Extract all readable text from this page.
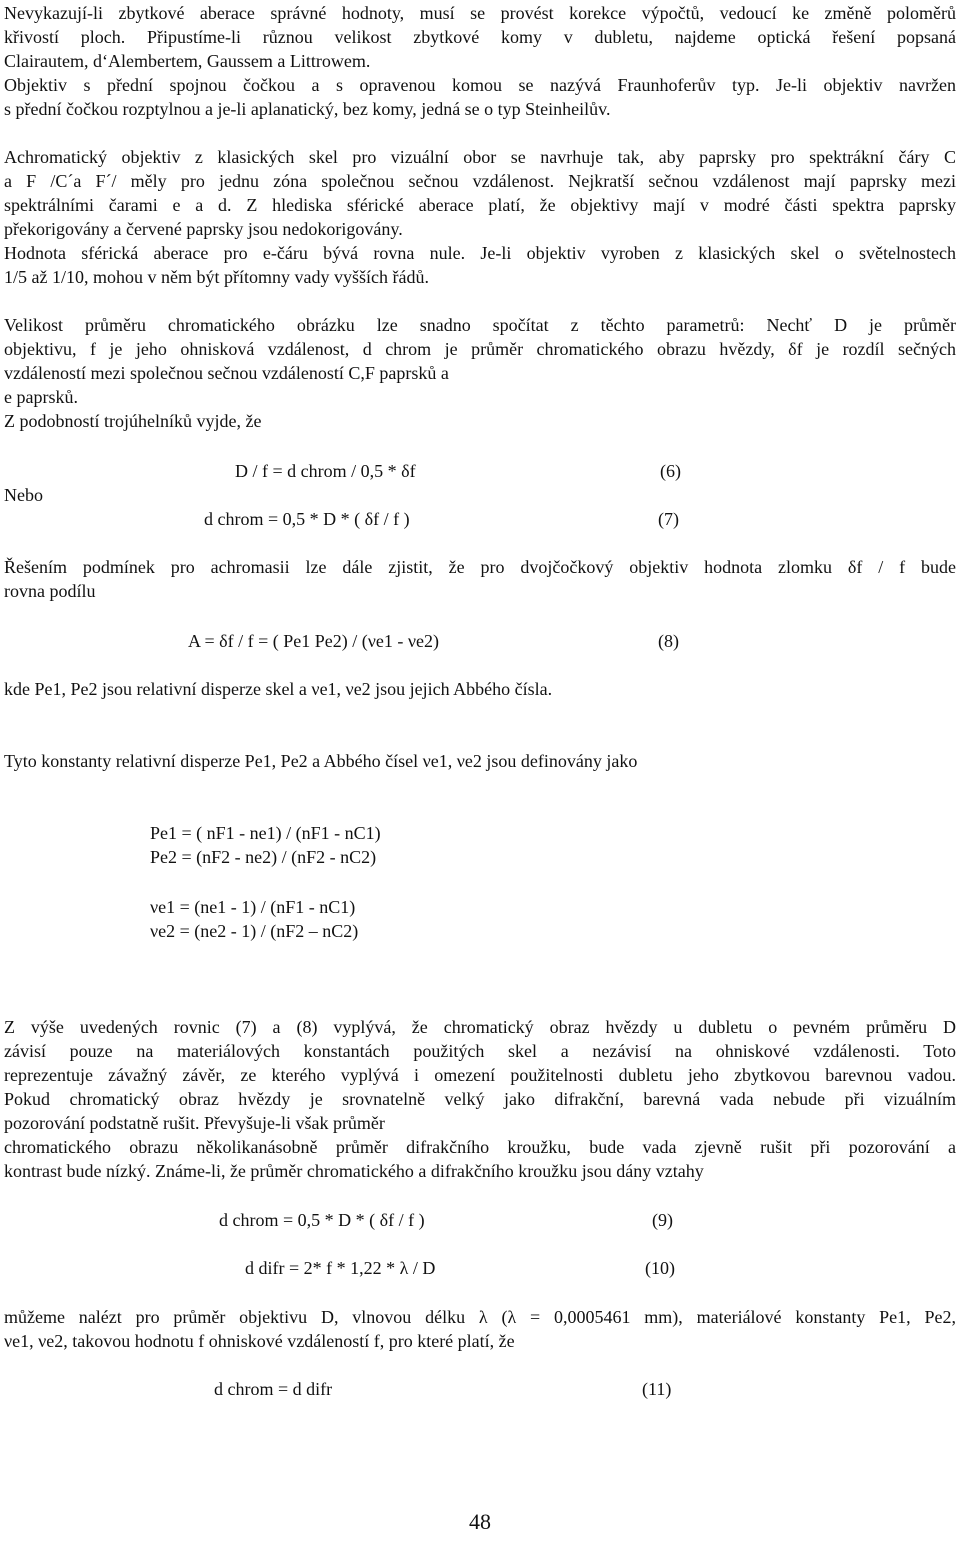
Nevykazují-li zbytkové aberace správné hodnoty, musí se provést korekce výpočtů, vedoucí ke změně poloměrů
křivostí ploch. Připustíme-li různou velikost zbytkové komy v dubletu, najdeme optická řešení popsaná
Clairautem, d‘Alembertem, Gaussem a Littrowem.
Objektiv s přední spojnou čočkou a s opravenou komou se nazývá Fraunhoferův typ. Je-li objektiv navržen
s přední čočkou rozptylnou a je-li aplanatický, bez komy, jedná se o typ Steinheilův.
Achromatický objektiv z klasických skel pro vizuální obor se navrhuje tak, aby paprsky pro spektrákní čáry C
a F /C´a F´/ měly pro jednu zóna společnou sečnou vzdálenost. Nejkratší sečnou vzdálenost mají paprsky mezi
spektrálními čarami e a d. Z hlediska sférické aberace platí, že objektivy mají v modré části spektra paprsky
překorigovány a červené paprsky jsou nedokorigovány.
Hodnota sférická aberace pro e-čáru bývá rovna nule. Je-li objektiv vyroben z klasických skel o světelnostech
1/5 až 1/10, mohou v něm být přítomny vady vyšších řádů.
Velikost průměru chromatického obrázku lze snadno spočítat z těchto parametrů: Nechť D je průměr
objektivu, f je jeho ohnisková vzdálenost, d chrom je průměr chromatického obrazu hvězdy, δf je rozdíl sečných
vzdáleností mezi společnou sečnou vzdáleností C,F paprsků a
e paprsků.
Z podobností trojúhelníků vyjde, že
D / f = d chrom / 0,5 * δf	(6)
Nebo
d chrom = 0,5 * D * ( δf / f )	(7)
Řešením podmínek pro achromasii lze dále zjistit, že pro dvojčočkový objektiv hodnota zlomku δf / f bude
rovna podílu
A = δf / f = ( Pe1 Pe2) / (νe1 - νe2)	(8)
kde Pe1, Pe2 jsou relativní disperze skel a νe1, νe2 jsou jejich Abbého čísla.
Tyto konstanty relativní disperze Pe1, Pe2 a Abbého čísel νe1, νe2 jsou definovány jako
Pe1 = ( nF1 - ne1) / (nF1 - nC1)
Pe2 = (nF2 - ne2) / (nF2 - nC2)
νe1 = (ne1 - 1) / (nF1 - nC1)
νe2 = (ne2 - 1) / (nF2 – nC2)
Z výše uvedených rovnic (7) a (8) vyplývá, že chromatický obraz hvězdy u dubletu o pevném průměru D
závisí pouze na materiálových konstantách použitých skel a nezávisí na ohniskové vzdálenosti. Toto
reprezentuje závažný závěr, ze kterého vyplývá i omezení použitelnosti dubletu jeho zbytkovou barevnou vadou.
Pokud chromatický obraz hvězdy je srovnatelně velký jako difrakční, barevná vada nebude při vizuálním
pozorování podstatně rušit. Převyšuje-li však průměr
chromatického obrazu několikanásobně průměr difrakčního kroužku, bude vada zjevně rušit při pozorování a
kontrast bude nízký. Známe-li, že průměr chromatického a difrakčního kroužku jsou dány vztahy
d chrom = 0,5 * D * ( δf / f )	(9)
d difr = 2* f * 1,22 * λ / D	(10)
můžeme nalézt pro průměr objektivu D, vlnovou délku λ (λ = 0,0005461 mm), materiálové konstanty Pe1, Pe2,
νe1, νe2, takovou hodnotu f ohniskové vzdáleností f, pro které platí, že
d chrom = d difr	(11)
48
